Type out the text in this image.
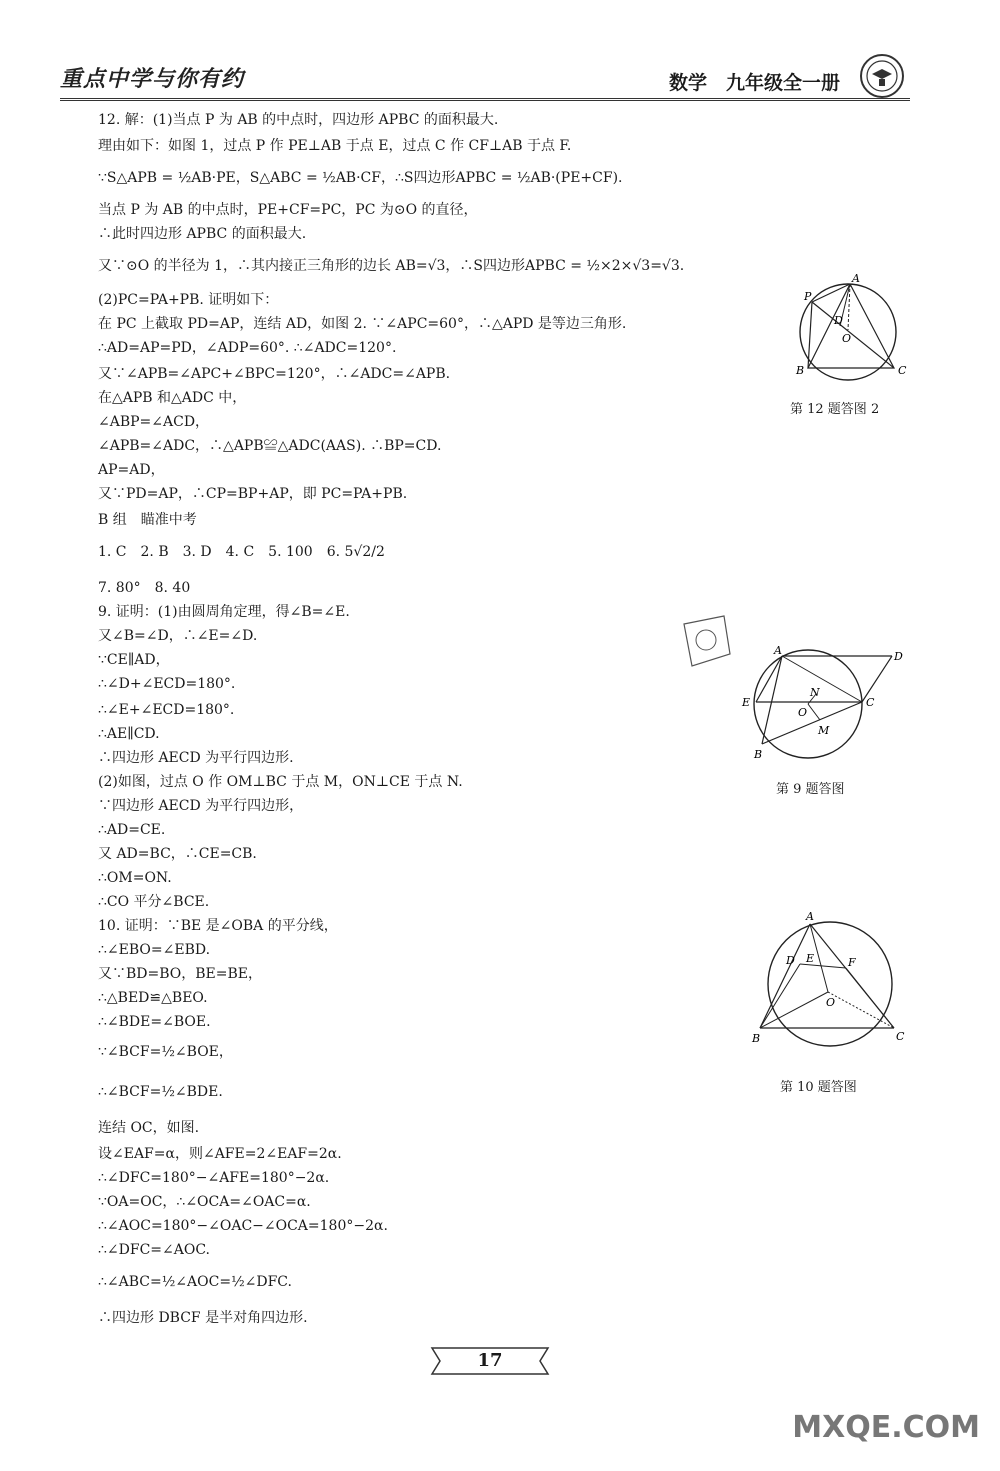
重点中学与你有约	数学　九年级全一册
12. 解：(1)当点 P 为 AB 的中点时，四边形 APBC 的面积最大.
理由如下：如图 1，过点 P 作 PE⊥AB 于点 E，过点 C 作 CF⊥AB 于点 F.
∵S△APB = ½AB·PE，S△ABC = ½AB·CF，∴S四边形APBC = ½AB·(PE+CF).
当点 P 为 AB 的中点时，PE+CF=PC，PC 为⊙O 的直径，
∴此时四边形 APBC 的面积最大.
又∵⊙O 的半径为 1，∴其内接正三角形的边长 AB=√3，∴S四边形APBC = ½×2×√3=√3.
(2)PC=PA+PB. 证明如下：
在 PC 上截取 PD=AP，连结 AD，如图 2. ∵∠APC=60°，∴△APD 是等边三角形.
∴AD=AP=PD，∠ADP=60°. ∴∠ADC=120°.
又∵∠APB=∠APC+∠BPC=120°，∴∠ADC=∠APB.
在△APB 和△ADC 中，
∠ABP=∠ACD，
∠APB=∠ADC，∴△APB≌△ADC(AAS). ∴BP=CD.
AP=AD，
又∵PD=AP，∴CP=BP+AP，即 PC=PA+PB.
B 组　瞄准中考
1. C　2. B　3. D　4. C　5. 100　6. 5√2/2
7. 80°　8. 40
9. 证明：(1)由圆周角定理，得∠B=∠E.
又∠B=∠D，∴∠E=∠D.
∵CE∥AD，
∴∠D+∠ECD=180°.
∴∠E+∠ECD=180°.
∴AE∥CD.
∴四边形 AECD 为平行四边形.
(2)如图，过点 O 作 OM⊥BC 于点 M，ON⊥CE 于点 N.
∵四边形 AECD 为平行四边形，
∴AD=CE.
又 AD=BC，∴CE=CB.
∴OM=ON.
∴CO 平分∠BCE.
10. 证明：∵BE 是∠OBA 的平分线，
∴∠EBO=∠EBD.
又∵BD=BO，BE=BE，
∴△BED≌△BEO.
∴∠BDE=∠BOE.
∵∠BCF=½∠BOE，
∴∠BCF=½∠BDE.
连结 OC，如图.
设∠EAF=α，则∠AFE=2∠EAF=2α.
∴∠DFC=180°−∠AFE=180°−2α.
∵OA=OC，∴∠OCA=∠OAC=α.
∴∠AOC=180°−∠OAC−∠OCA=180°−2α.
∴∠DFC=∠AOC.
∴∠ABC=½∠AOC=½∠DFC.
∴四边形 DBCF 是半对角四边形.
A
P
D
O
B	C
第 12 题答图 2
A	D
E
N
O
C
M
B
第 9 题答图
A
D E	F
O
B	C
第 10 题答图
17
MXQE.COM
